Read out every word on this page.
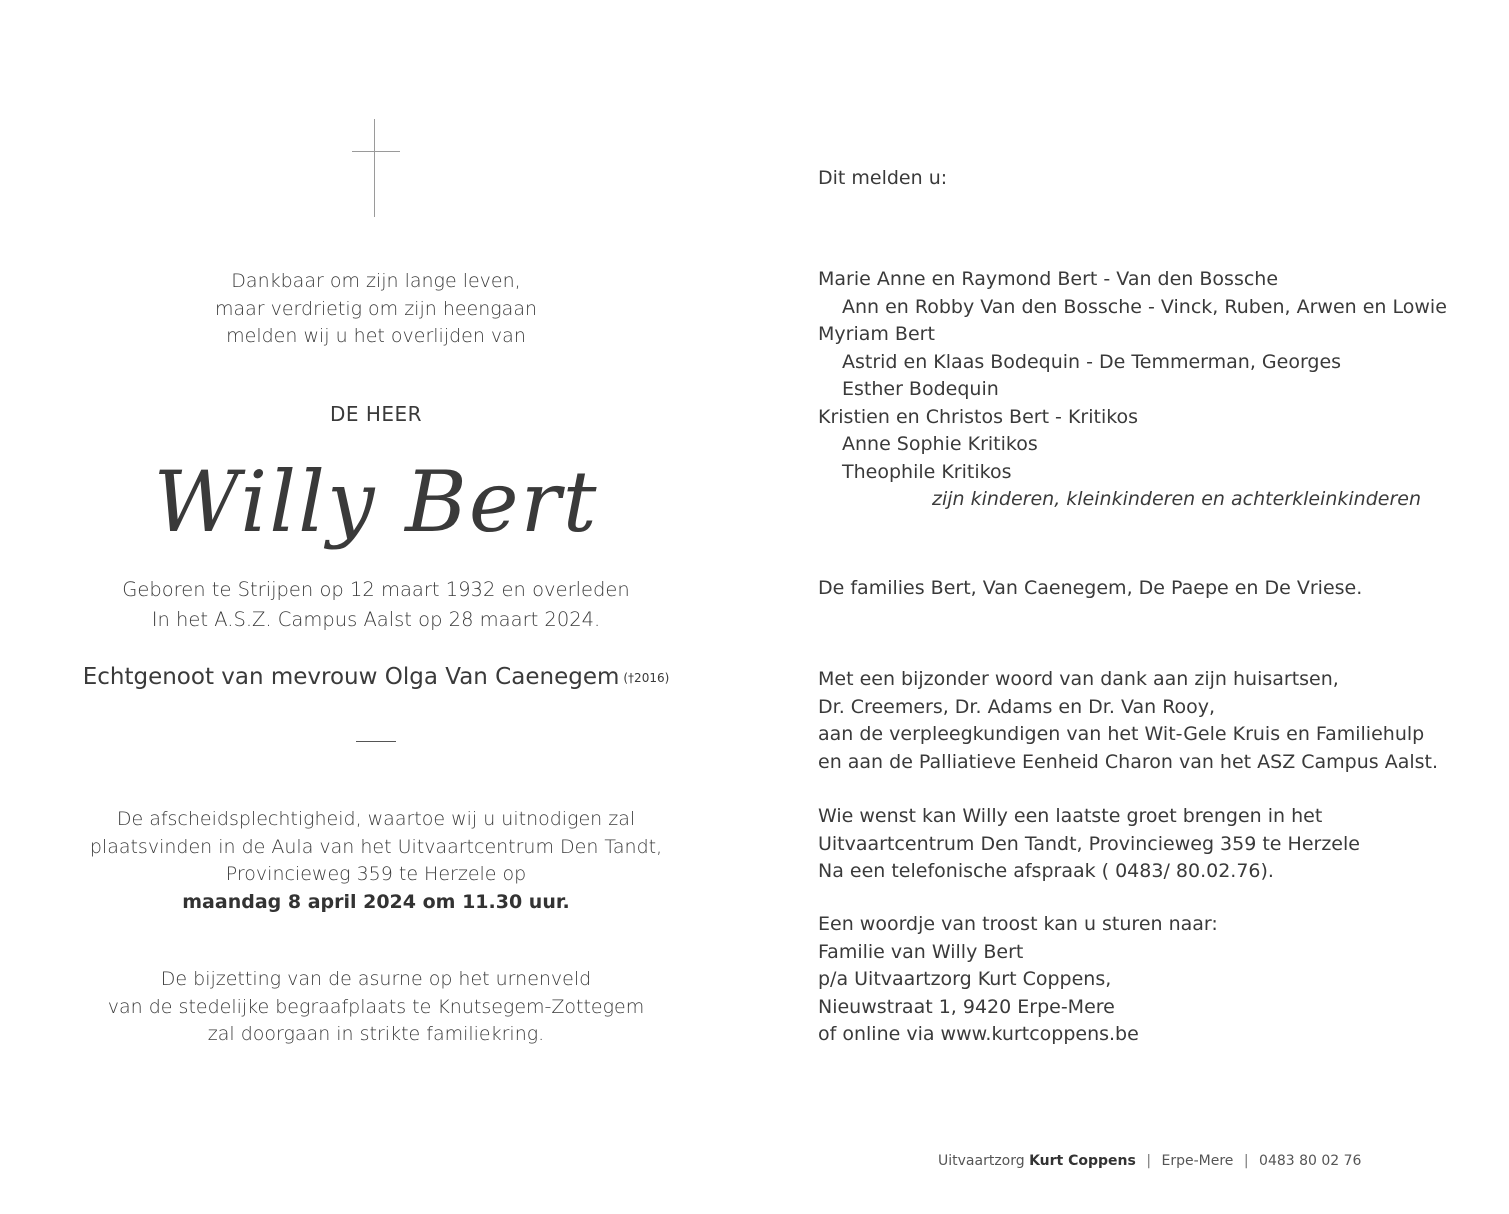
Dankbaar om zijn lange leven,
maar verdrietig om zijn heengaan
melden wij u het overlijden van
DE HEER
Willy Bert
Geboren te Strijpen op 12 maart 1932 en overleden
In het A.S.Z. Campus Aalst op 28 maart 2024.
Echtgenoot van mevrouw Olga Van Caenegem (†2016)
De afscheidsplechtigheid, waartoe wij u uitnodigen zal
plaatsvinden in de Aula van het Uitvaartcentrum Den Tandt,
Provincieweg 359 te Herzele op
maandag 8 april 2024 om 11.30 uur.
De bijzetting van de asurne op het urnenveld
van de stedelijke begraafplaats te Knutsegem-Zottegem
zal doorgaan in strikte familiekring.
Dit melden u:
Marie Anne en Raymond Bert - Van den Bossche
Ann en Robby Van den Bossche - Vinck, Ruben, Arwen en Lowie
Myriam Bert
Astrid en Klaas Bodequin - De Temmerman, Georges
Esther Bodequin
Kristien en Christos Bert - Kritikos
Anne Sophie Kritikos
Theophile Kritikos
zijn kinderen, kleinkinderen en achterkleinkinderen
De families Bert, Van Caenegem, De Paepe en De Vriese.
Met een bijzonder woord van dank aan zijn huisartsen,
Dr. Creemers, Dr. Adams en Dr. Van Rooy,
aan de verpleegkundigen van het Wit-Gele Kruis en Familiehulp
en aan de Palliatieve Eenheid Charon van het ASZ Campus Aalst.
Wie wenst kan Willy een laatste groet brengen in het
Uitvaartcentrum Den Tandt, Provincieweg 359 te Herzele
Na een telefonische afspraak ( 0483/ 80.02.76).
Een woordje van troost kan u sturen naar:
Familie van Willy Bert
p/a Uitvaartzorg Kurt Coppens,
Nieuwstraat 1, 9420 Erpe-Mere
of online via www.kurtcoppens.be
Uitvaartzorg Kurt Coppens | Erpe-Mere | 0483 80 02 76
